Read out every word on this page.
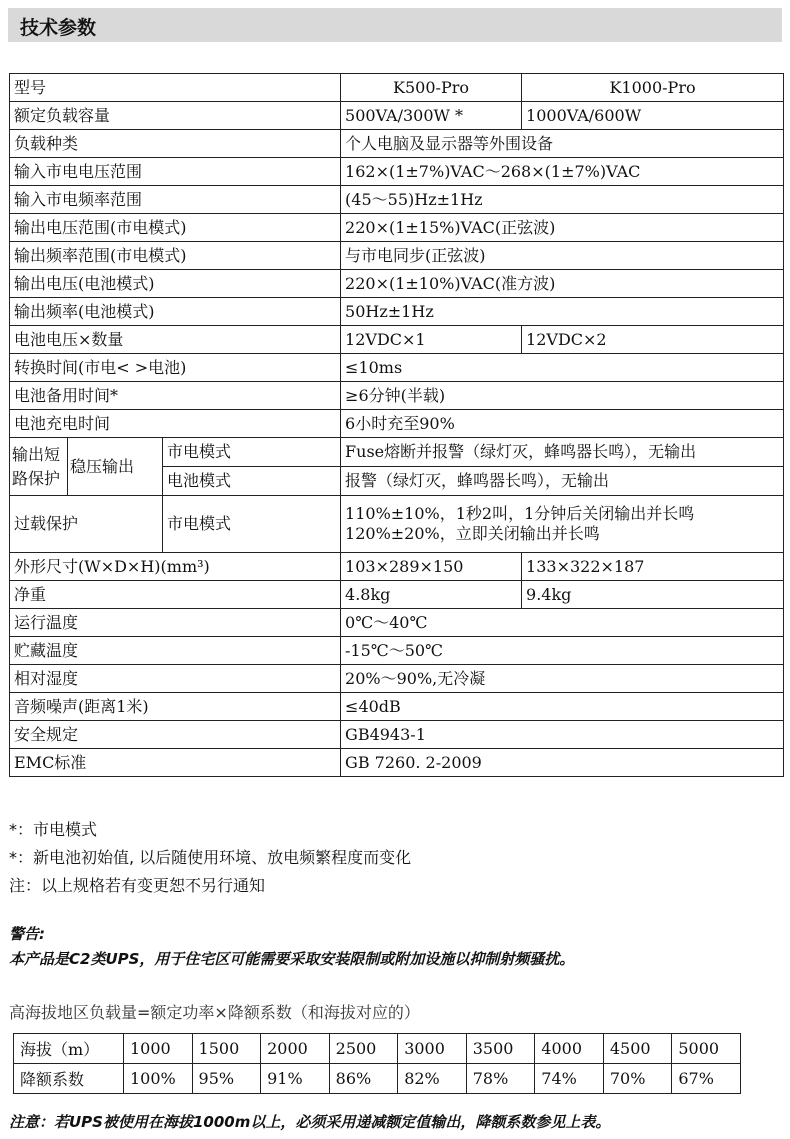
技术参数
型号			K500-Pro	K1000-Pro
额定负载容量			500VA/300W *	1000VA/600W
负载种类			个人电脑及显示器等外围设备	
输入市电电压范围			162×(1±7%)VAC～268×(1±7%)VAC	
输入市电频率范围			(45～55)Hz±1Hz	
输出电压范围(市电模式)			220×(1±15%)VAC(正弦波)	
输出频率范围(市电模式)			与市电同步(正弦波)	
输出电压(电池模式)			220×(1±10%)VAC(准方波)	
输出频率(电池模式)			50Hz±1Hz	
电池电压×数量			12VDC×1	12VDC×2
转换时间(市电< >电池)			≤10ms	
电池备用时间*			≥6分钟(半载)	
电池充电时间			6小时充至90%	
输出短路保护	稳压输出	市电模式	Fuse熔断并报警（绿灯灭，蜂鸣器长鸣），无输出	
		电池模式	报警（绿灯灭，蜂鸣器长鸣），无输出	
过载保护		市电模式	110%±10%，1秒2叫，1分钟后关闭输出并长鸣
120%±20%，立即关闭输出并长鸣	

外形尺寸(W×D×H)(mm³)			103×289×150	133×322×187
净重			4.8kg	9.4kg
运行温度			0℃～40℃	
贮藏温度			-15℃～50℃	
相对湿度			20%～90%,无冷凝	
音频噪声(距离1米)			≤40dB	
安全规定			GB4943-1	
EMC标准			GB 7260. 2-2009	
*：市电模式
*：新电池初始值, 以后随使用环境、放电频繁程度而变化
注：以上规格若有变更恕不另行通知
警告:
本产品是C2类UPS，用于住宅区可能需要采取安装限制或附加设施以抑制射频骚扰。
高海拔地区负载量=额定功率×降额系数（和海拔对应的）
海拔（m）	1000	1500	2000	2500	3000	3500	4000	4500	5000
降额系数	100%	95%	91%	86%	82%	78%	74%	70%	67%
注意：若UPS被使用在海拔1000m以上，必须采用递减额定值输出，降额系数参见上表。
